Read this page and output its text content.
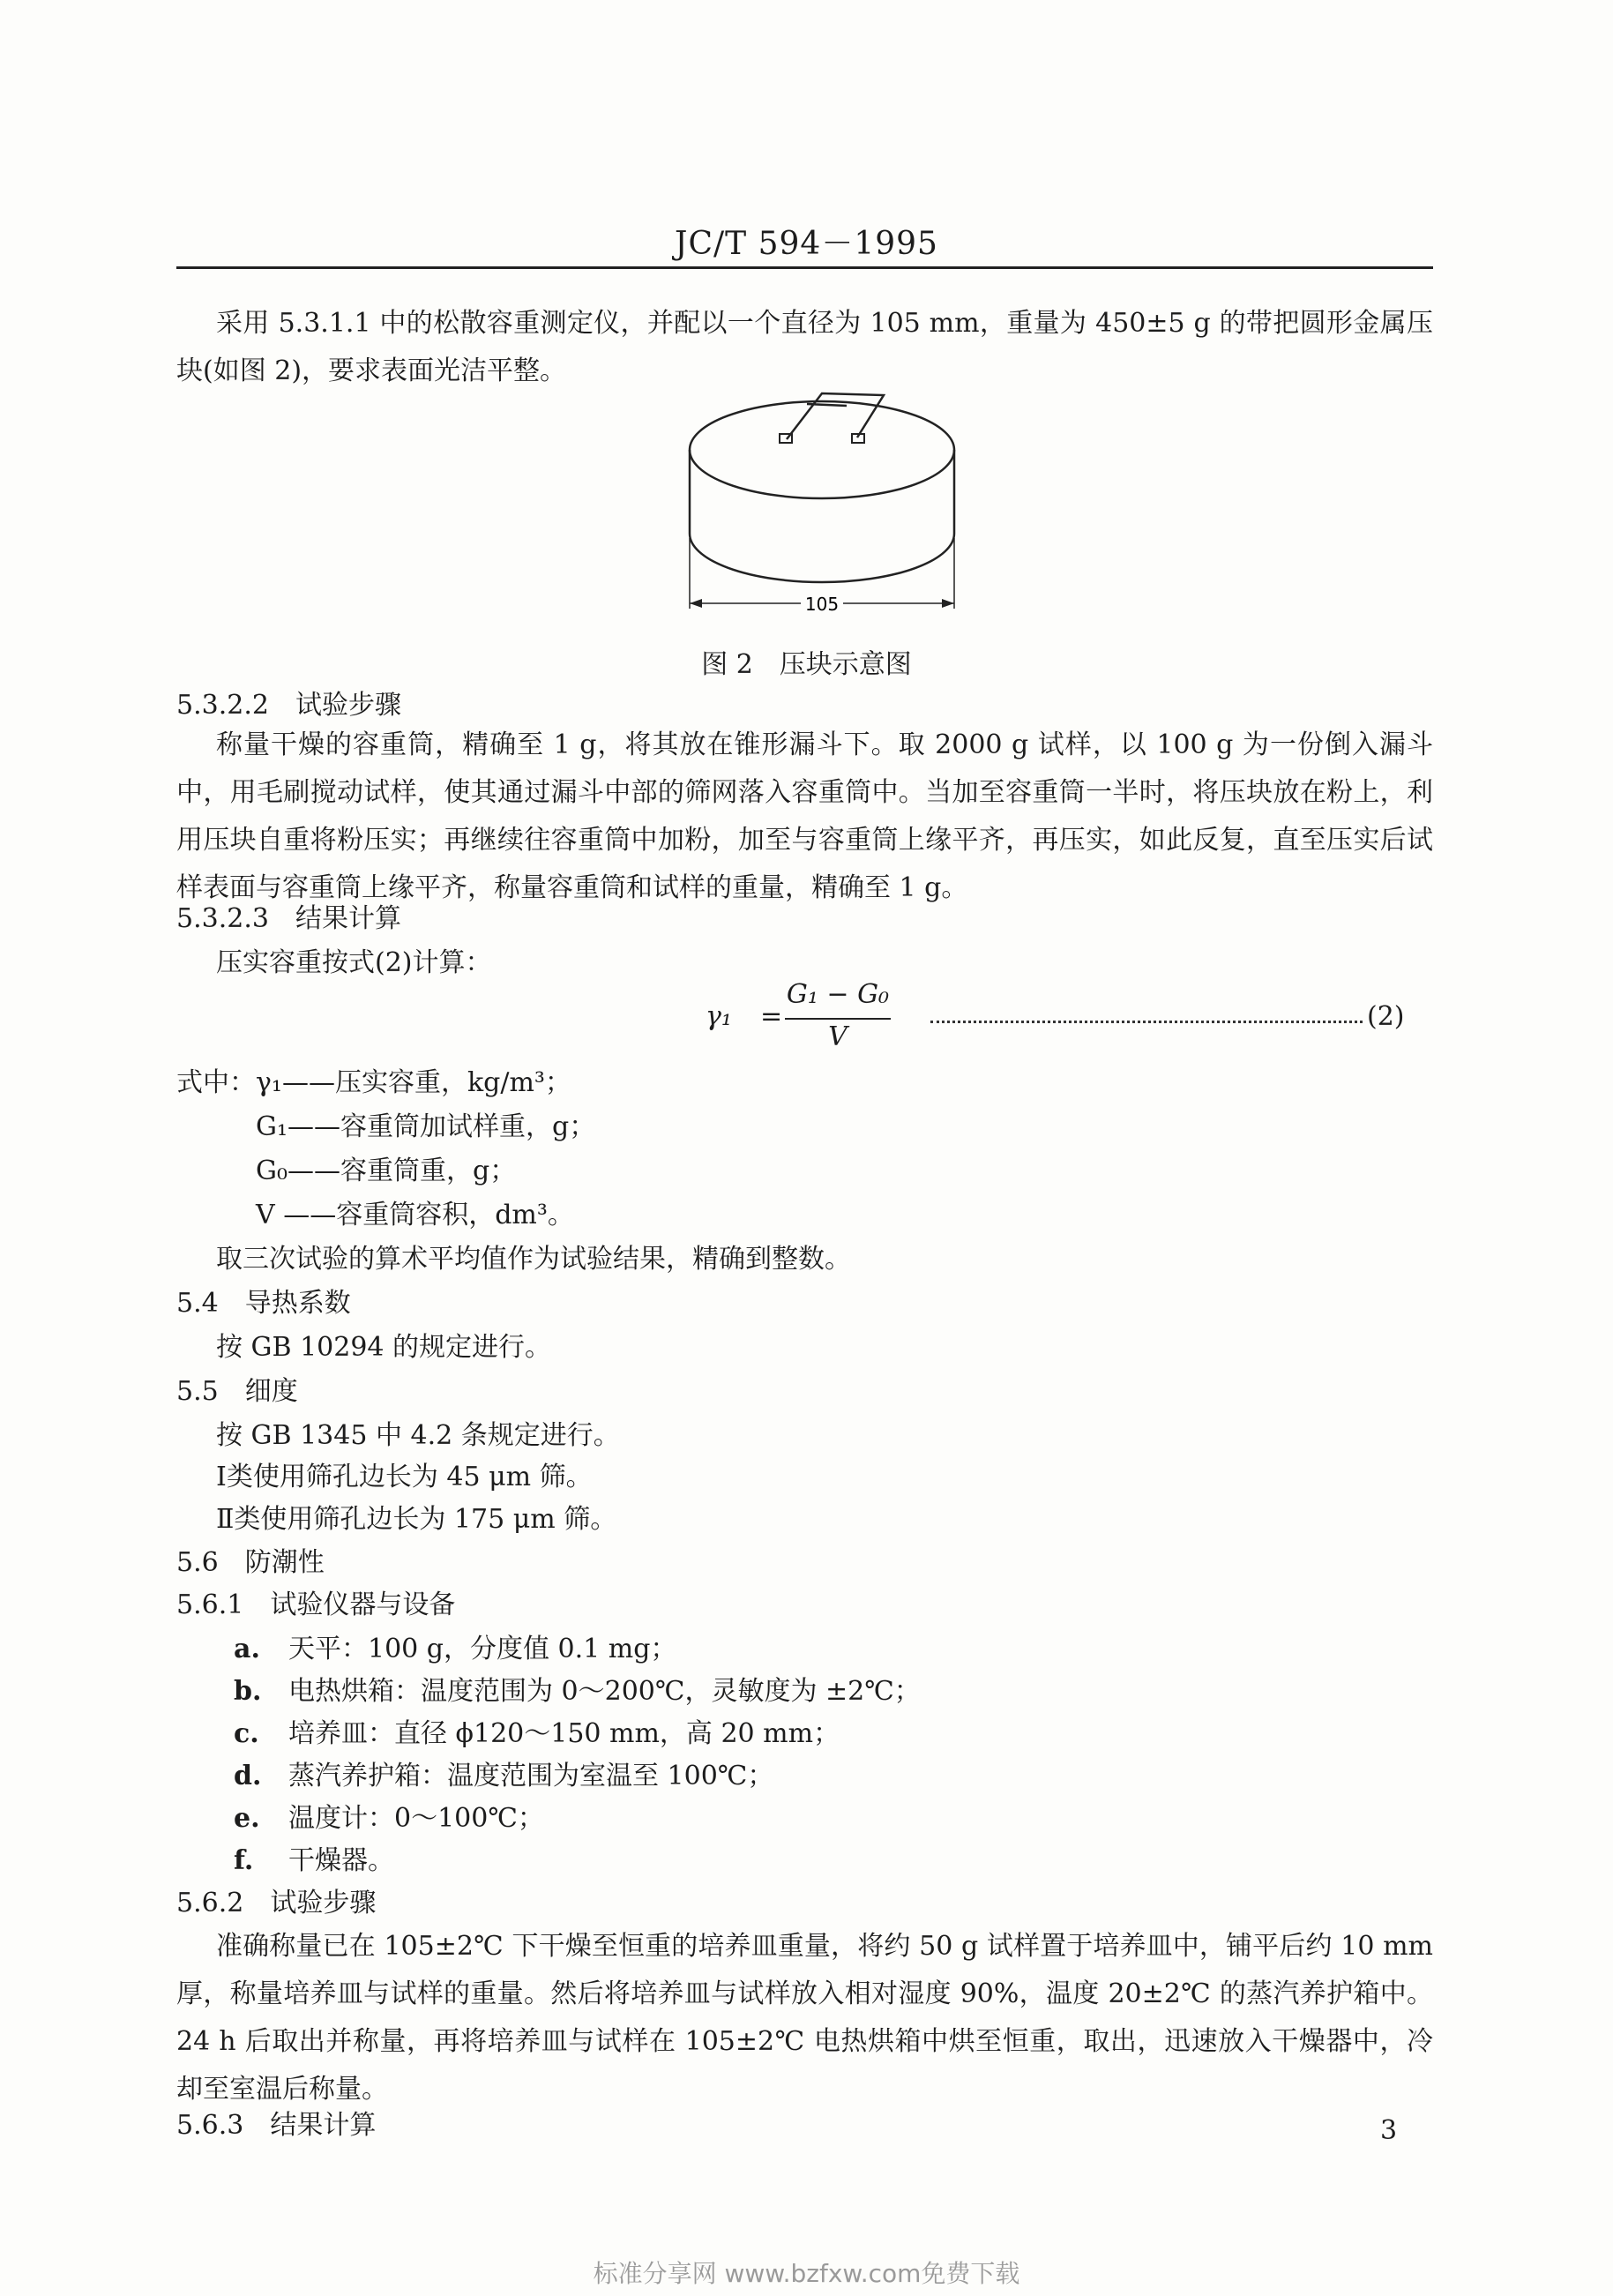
JC/T 594－1995
采用 5.3.1.1 中的松散容重测定仪，并配以一个直径为 105 mm，重量为 450±5 g 的带把圆形金属压块(如图 2)，要求表面光洁平整。
105
图 2　压块示意图
5.3.2.2　试验步骤
称量干燥的容重筒，精确至 1 g，将其放在锥形漏斗下。取 2000 g 试样，以 100 g 为一份倒入漏斗中，用毛刷搅动试样，使其通过漏斗中部的筛网落入容重筒中。当加至容重筒一半时，将压块放在粉上，利用压块自重将粉压实；再继续往容重筒中加粉，加至与容重筒上缘平齐，再压实，如此反复，直至压实后试样表面与容重筒上缘平齐，称量容重筒和试样的重量，精确至 1 g。
5.3.2.3　结果计算
压实容重按式(2)计算：
γ₁ =
G₁ − G₀
V
(2)
式中： γ₁——压实容重，kg/m³；
G₁——容重筒加试样重，g；
G₀——容重筒重，g；
V ——容重筒容积，dm³。
取三次试验的算术平均值作为试验结果，精确到整数。
5.4　导热系数
按 GB 10294 的规定进行。
5.5　细度
按 GB 1345 中 4.2 条规定进行。
Ⅰ类使用筛孔边长为 45 μm 筛。
Ⅱ类使用筛孔边长为 175 μm 筛。
5.6　防潮性
5.6.1　试验仪器与设备
a. 天平：100 g，分度值 0.1 mg；
b. 电热烘箱：温度范围为 0～200℃，灵敏度为 ±2℃；
c. 培养皿：直径 ϕ120～150 mm，高 20 mm；
d. 蒸汽养护箱：温度范围为室温至 100℃；
e. 温度计：0～100℃；
f. 干燥器。
5.6.2　试验步骤
准确称量已在 105±2℃ 下干燥至恒重的培养皿重量，将约 50 g 试样置于培养皿中，铺平后约 10 mm 厚，称量培养皿与试样的重量。然后将培养皿与试样放入相对湿度 90%，温度 20±2℃ 的蒸汽养护箱中。24 h 后取出并称量，再将培养皿与试样在 105±2℃ 电热烘箱中烘至恒重，取出，迅速放入干燥器中，冷却至室温后称量。
5.6.3　结果计算	3
标准分享网 www.bzfxw.com免费下载
